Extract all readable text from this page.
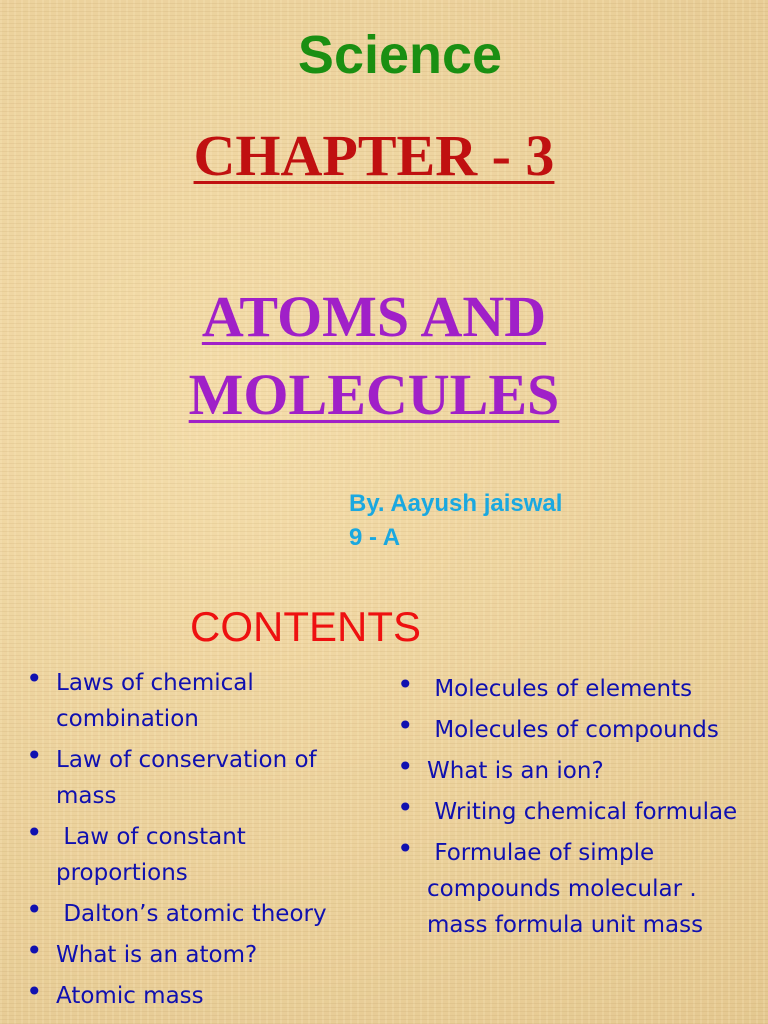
Science
CHAPTER - 3
ATOMS AND
MOLECULES
By. Aayush jaiswal
9 - A
CONTENTS
• Laws of chemical combination
• Law of conservation of mass
•  Law of constant proportions
•  Dalton’s atomic theory
• What is an atom?
• Atomic mass
•  Molecules of elements
•  Molecules of compounds
• What is an ion?
•  Writing chemical formulae
•  Formulae of simple compounds molecular . mass formula unit mass
